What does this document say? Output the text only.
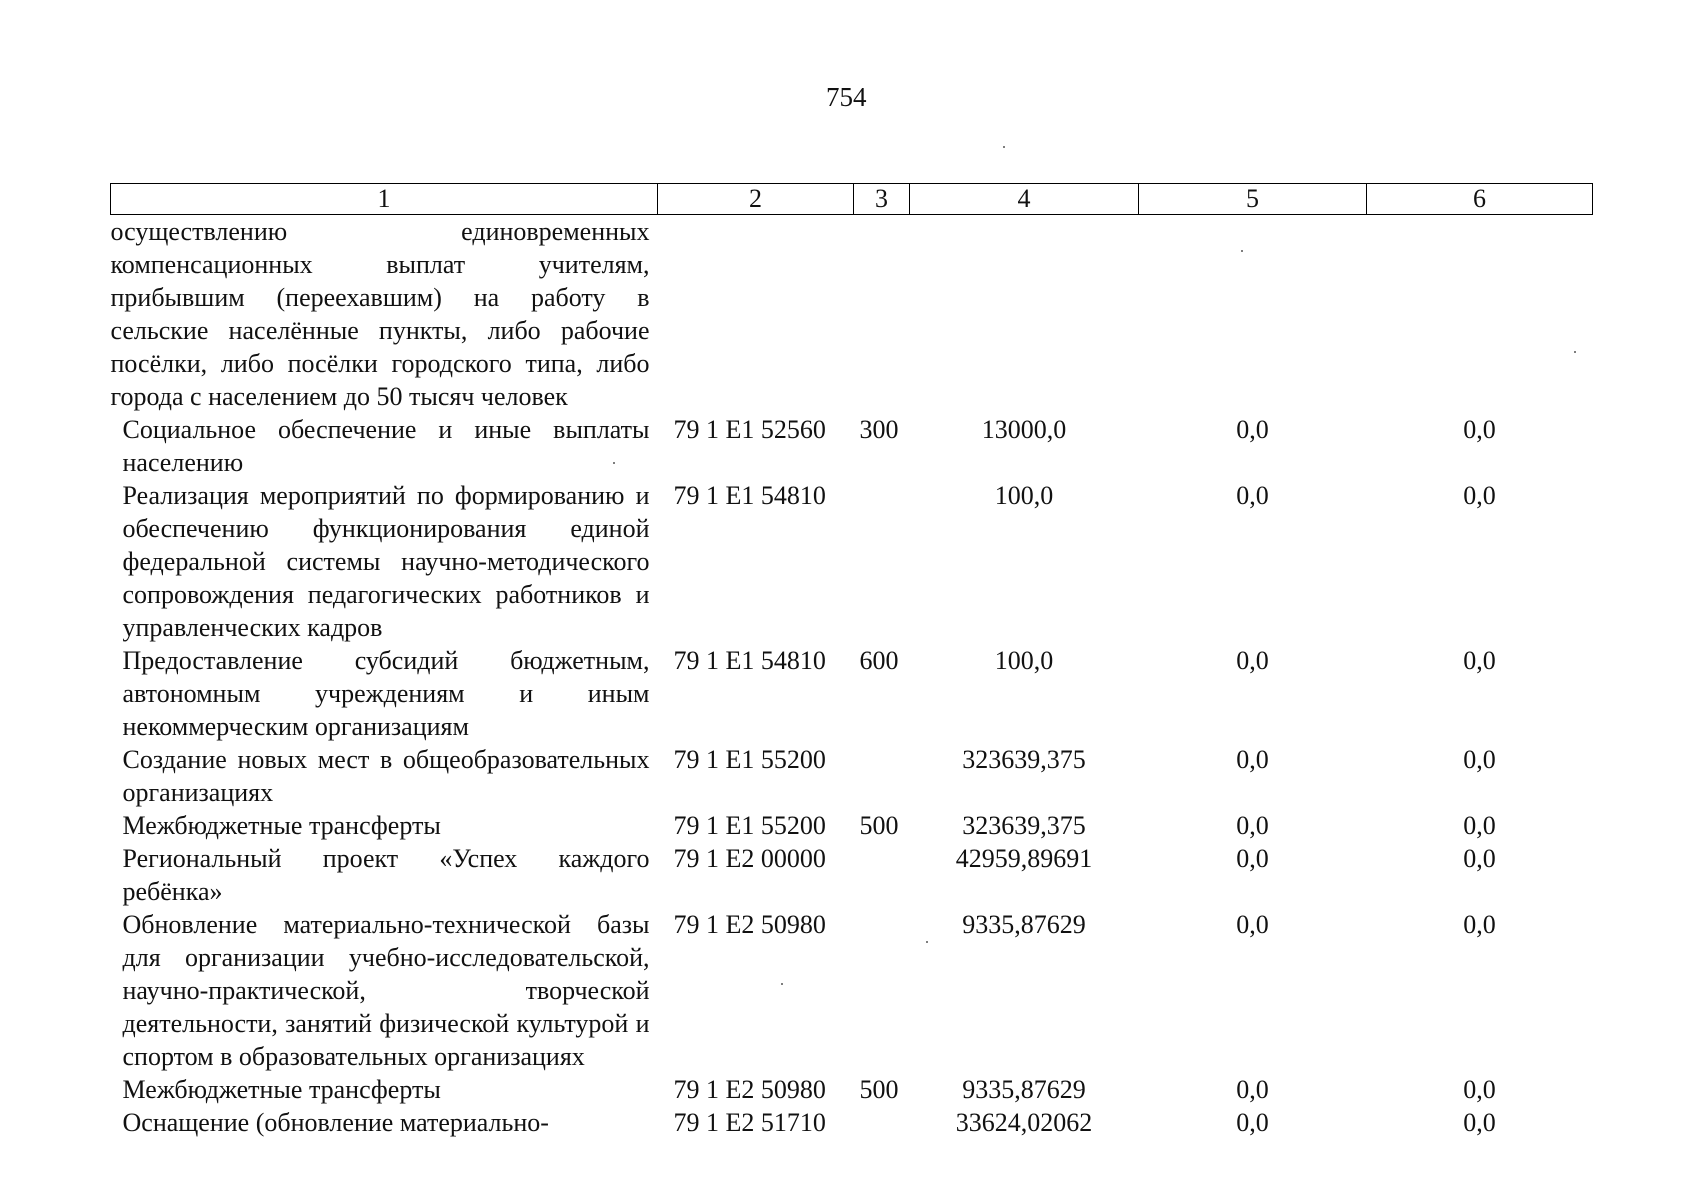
754
1	2	3	4	5	6
осуществлению единовременных компенсационных выплат учителям, прибывшим (переехавшим) на работу в сельские населённые пункты, либо рабочие посёлки, либо посёлки городского типа, либо города с населением до 50 тысяч человек					
Социальное обеспечение и иные выплаты населению	79 1 E1 52560	300	13000,0	0,0	0,0
Реализация мероприятий по формированию и обеспечению функционирования единой федеральной системы научно-методического сопровождения педагогических работников и управленческих кадров	79 1 E1 54810		100,0	0,0	0,0
Предоставление субсидий бюджетным, автономным учреждениям и иным некоммерческим организациям	79 1 E1 54810	600	100,0	0,0	0,0
Создание новых мест в общеобразовательных организациях	79 1 E1 55200		323639,375	0,0	0,0
Межбюджетные трансферты	79 1 E1 55200	500	323639,375	0,0	0,0
Региональный проект «Успех каждого ребёнка»	79 1 E2 00000		42959,89691	0,0	0,0
Обновление материально-технической базы для организации учебно-исследовательской, научно-практической, творческой деятельности, занятий физической культурой и спортом в образовательных организациях	79 1 E2 50980		9335,87629	0,0	0,0
Межбюджетные трансферты	79 1 E2 50980	500	9335,87629	0,0	0,0
Оснащение (обновление материально-	79 1 E2 51710		33624,02062	0,0	0,0
